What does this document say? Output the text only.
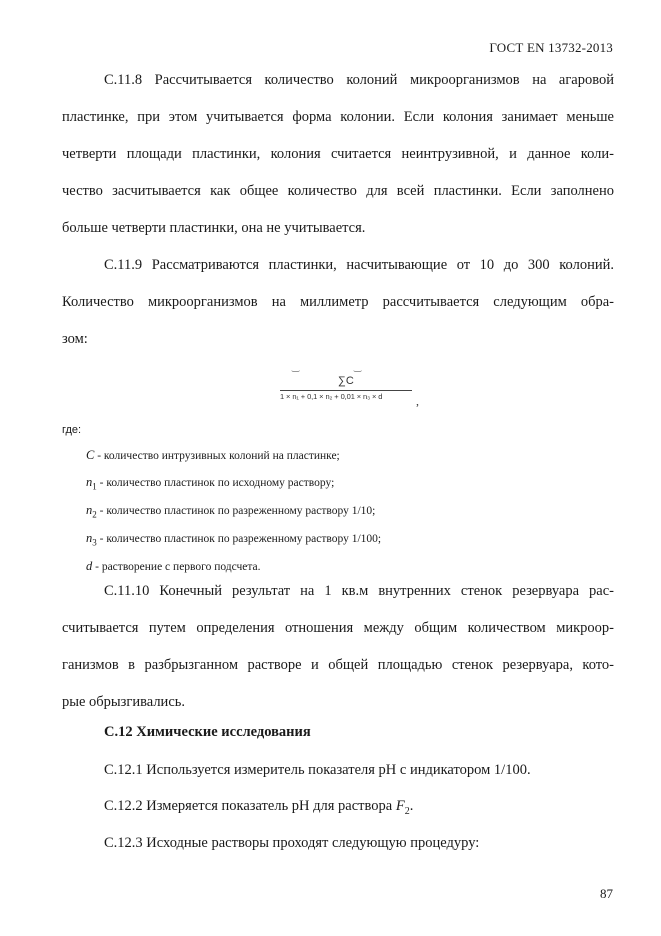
ГОСТ EN 13732-2013
С.11.8 Рассчитывается количество колоний микроорганизмов на агаровой
пластинке, при этом учитывается форма колонии. Если колония занимает меньше
четверти площади пластинки, колония считается неинтрузивной, и данное коли-
чество засчитывается как общее количество для всей пластинки. Если заполнено
больше четверти пластинки, она не учитывается.
С.11.9 Рассматриваются пластинки, насчитывающие от 10 до 300 колоний.
Количество микроорганизмов на миллиметр рассчитывается следующим обра-
зом:
‿	‿
∑C
1 × n₁ + 0,1 × n₂ + 0,01 × n₃ × d	,
где:
C - количество интрузивных колоний на пластинке;
$n_1$ - количество пластинок по исходному раствору;
$n_2$ - количество пластинок по разреженному раствору 1/10;
$n_3$ - количество пластинок по разреженному раствору 1/100;
d - растворение с первого подсчета.
С.11.10 Конечный результат на 1 кв.м внутренних стенок резервуара рас-
считывается путем определения отношения между общим количеством микроор-
ганизмов в разбрызганном растворе и общей площадью стенок резервуара, кото-
рые обрызгивались.
С.12 Химические исследования
С.12.1 Используется измеритель показателя pH с индикатором 1/100.
С.12.2 Измеряется показатель pH для раствора $F_2$.
С.12.3 Исходные растворы проходят следующую процедуру:
87
